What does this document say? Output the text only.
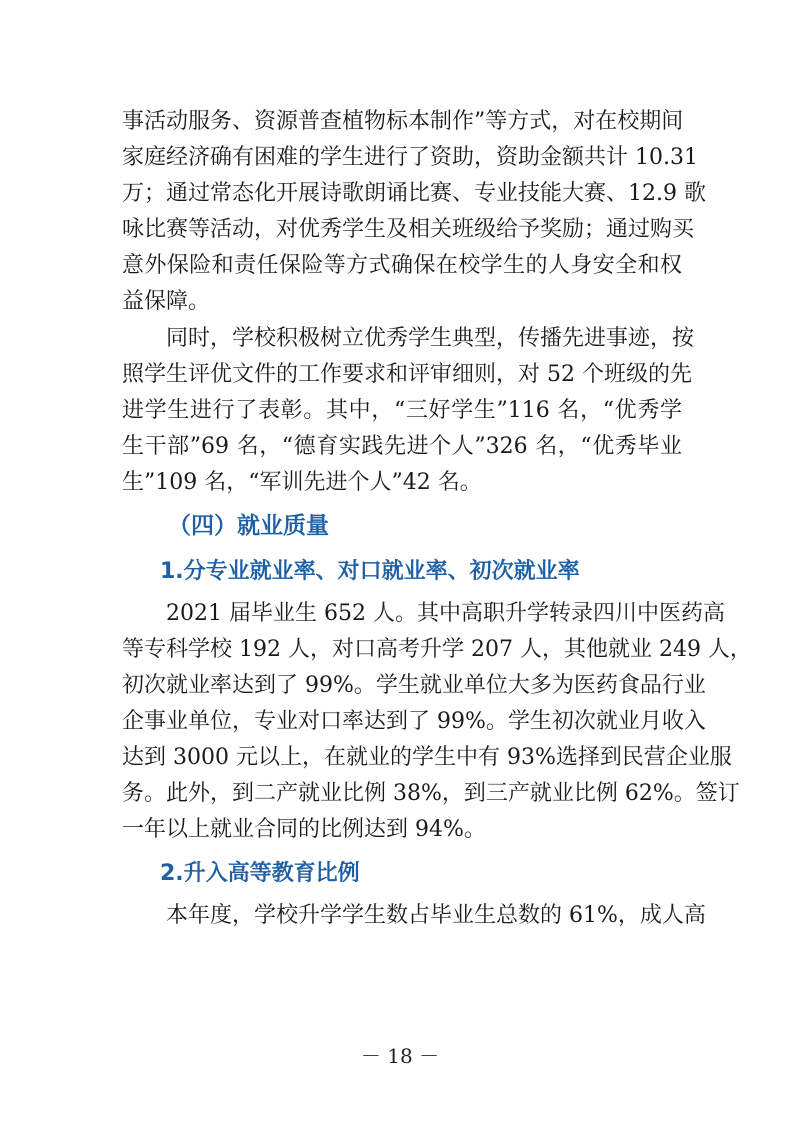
事活动服务、资源普查植物标本制作”等方式，对在校期间
家庭经济确有困难的学生进行了资助，资助金额共计 10.31
万；通过常态化开展诗歌朗诵比赛、专业技能大赛、12.9 歌
咏比赛等活动，对优秀学生及相关班级给予奖励；通过购买
意外保险和责任保险等方式确保在校学生的人身安全和权
益保障。
同时，学校积极树立优秀学生典型，传播先进事迹，按
照学生评优文件的工作要求和评审细则，对 52 个班级的先
进学生进行了表彰。其中，“三好学生”116 名，“优秀学
生干部”69 名，“德育实践先进个人”326 名，“优秀毕业
生”109 名，“军训先进个人”42 名。
（四）就业质量
1.分专业就业率、对口就业率、初次就业率
2021 届毕业生 652 人。其中高职升学转录四川中医药高
等专科学校 192 人，对口高考升学 207 人，其他就业 249 人，
初次就业率达到了 99%。学生就业单位大多为医药食品行业
企事业单位，专业对口率达到了 99%。学生初次就业月收入
达到 3000 元以上，在就业的学生中有 93%选择到民营企业服
务。此外，到二产就业比例 38%，到三产就业比例 62%。签订
一年以上就业合同的比例达到 94%。
2.升入高等教育比例
本年度，学校升学学生数占毕业生总数的 61%，成人高
－ 18 －
